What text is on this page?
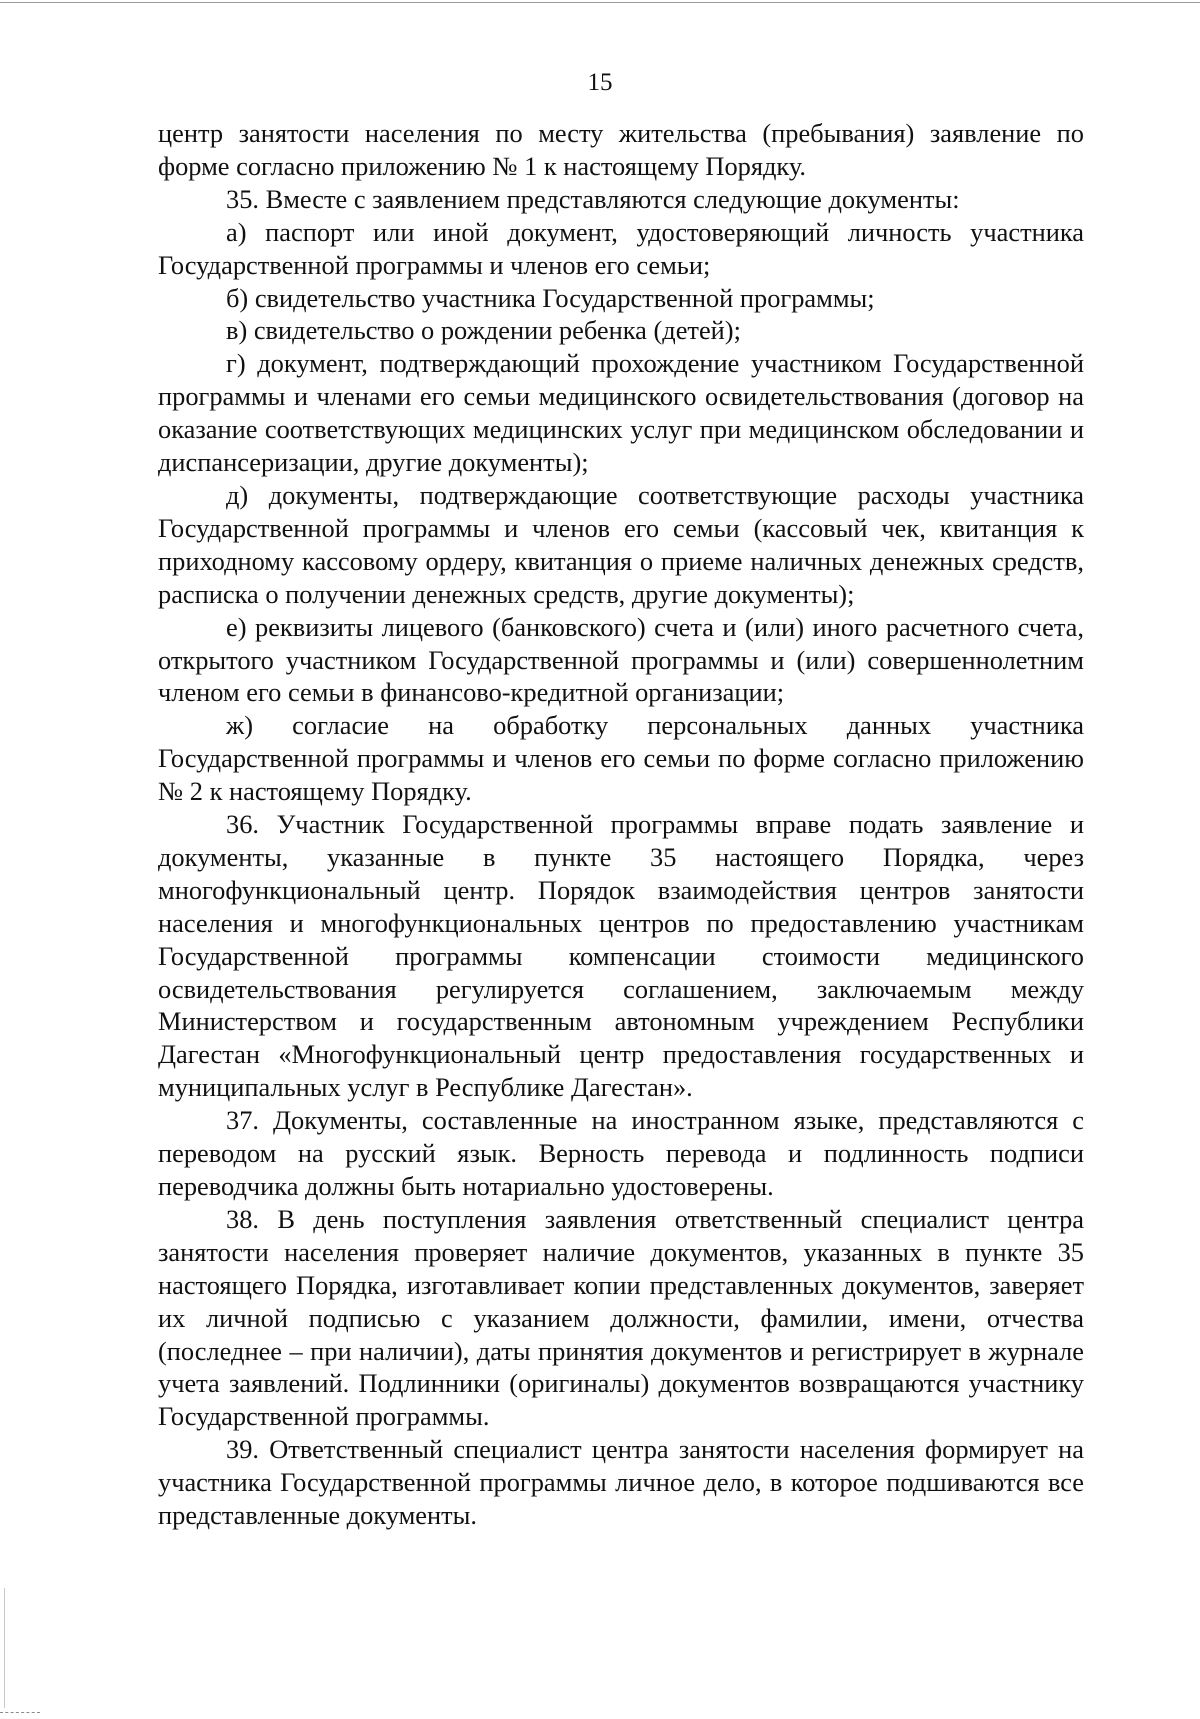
15

центр занятости населения по месту жительства (пребывания) заявление по форме согласно приложению № 1 к настоящему Порядку.

35. Вместе с заявлением представляются следующие документы:

а) паспорт или иной документ, удостоверяющий личность участника Государственной программы и членов его семьи;

б) свидетельство участника Государственной программы;

в) свидетельство о рождении ребенка (детей);

г) документ, подтверждающий прохождение участником Государственной программы и членами его семьи медицинского освидетельствования (договор на оказание соответствующих медицинских услуг при медицинском обследовании и диспансеризации, другие документы);

д) документы, подтверждающие соответствующие расходы участника Государственной программы и членов его семьи (кассовый чек, квитанция к приходному кассовому ордеру, квитанция о приеме наличных денежных средств, расписка о получении денежных средств, другие документы);

е) реквизиты лицевого (банковского) счета и (или) иного расчетного счета, открытого участником Государственной программы и (или) совершеннолетним членом его семьи в финансово-кредитной организации;

ж) согласие на обработку персональных данных участника Государственной программы и членов его семьи по форме согласно приложению № 2 к настоящему Порядку.

36. Участник Государственной программы вправе подать заявление и документы, указанные в пункте 35 настоящего Порядка, через многофункциональный центр. Порядок взаимодействия центров занятости населения и многофункциональных центров по предоставлению участникам Государственной программы компенсации стоимости медицинского освидетельствования регулируется соглашением, заключаемым между Министерством и государственным автономным учреждением Республики Дагестан «Многофункциональный центр предоставления государственных и муниципальных услуг в Республике Дагестан».

37. Документы, составленные на иностранном языке, представляются с переводом на русский язык. Верность перевода и подлинность подписи переводчика должны быть нотариально удостоверены.

38. В день поступления заявления ответственный специалист центра занятости населения проверяет наличие документов, указанных в пункте 35 настоящего Порядка, изготавливает копии представленных документов, заверяет их личной подписью с указанием должности, фамилии, имени, отчества (последнее – при наличии), даты принятия документов и регистрирует в журнале учета заявлений. Подлинники (оригиналы) документов возвращаются участнику Государственной программы.

39. Ответственный специалист центра занятости населения формирует на участника Государственной программы личное дело, в которое подшиваются все представленные документы.
